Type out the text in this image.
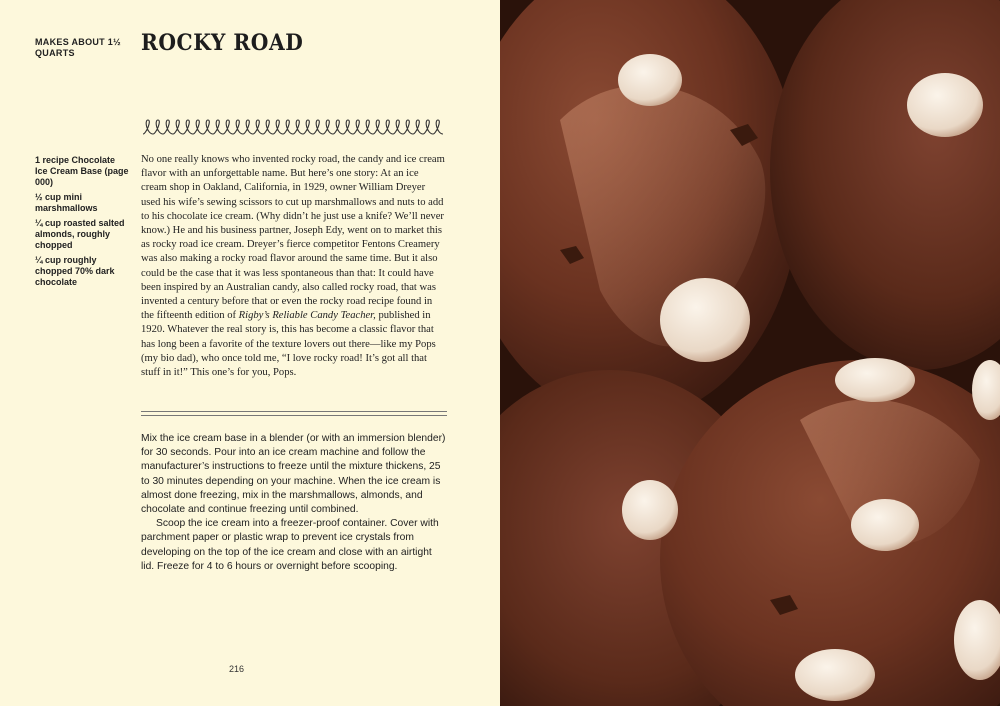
MAKES ABOUT 1½ QUARTS	ROCKY ROAD
1 recipe Chocolate Ice Cream Base (page 000)
½ cup mini marshmallows
¼ cup roasted salted almonds, roughly chopped
¼ cup roughly chopped 70% dark chocolate

No one really knows who invented rocky road, the candy and ice cream flavor with an unforgettable name. But here’s one story: At an ice cream shop in Oakland, California, in 1929, owner William Dreyer used his wife’s sewing scissors to cut up marshmallows and nuts to add to his chocolate ice cream. (Why didn’t he just use a knife? We’ll never know.) He and his business partner, Joseph Edy, went on to market this as rocky road ice cream. Dreyer’s fierce competitor Fentons Creamery was also making a rocky road flavor around the same time. But it also could be the case that it was less spontaneous than that: It could have been inspired by an Australian candy, also called rocky road, that was invented a century before that or even the rocky road recipe found in the fifteenth edition of Rigby’s Reliable Candy Teacher, published in 1920. Whatever the real story is, this has become a classic flavor that has long been a favorite of the texture lovers out there—like my Pops (my bio dad), who once told me, “I love rocky road! It’s got all that stuff in it!” This one’s for you, Pops.

Mix the ice cream base in a blender (or with an immersion blender) for 30 seconds. Pour into an ice cream machine and follow the manufacturer’s instructions to freeze until the mixture thickens, 25 to 30 minutes depending on your machine. When the ice cream is almost done freezing, mix in the marshmallows, almonds, and chocolate and continue freezing until combined.

Scoop the ice cream into a freezer-proof container. Cover with parchment paper or plastic wrap to prevent ice crystals from developing on the top of the ice cream and close with an airtight lid. Freeze for 4 to 6 hours or overnight before scooping.

216
